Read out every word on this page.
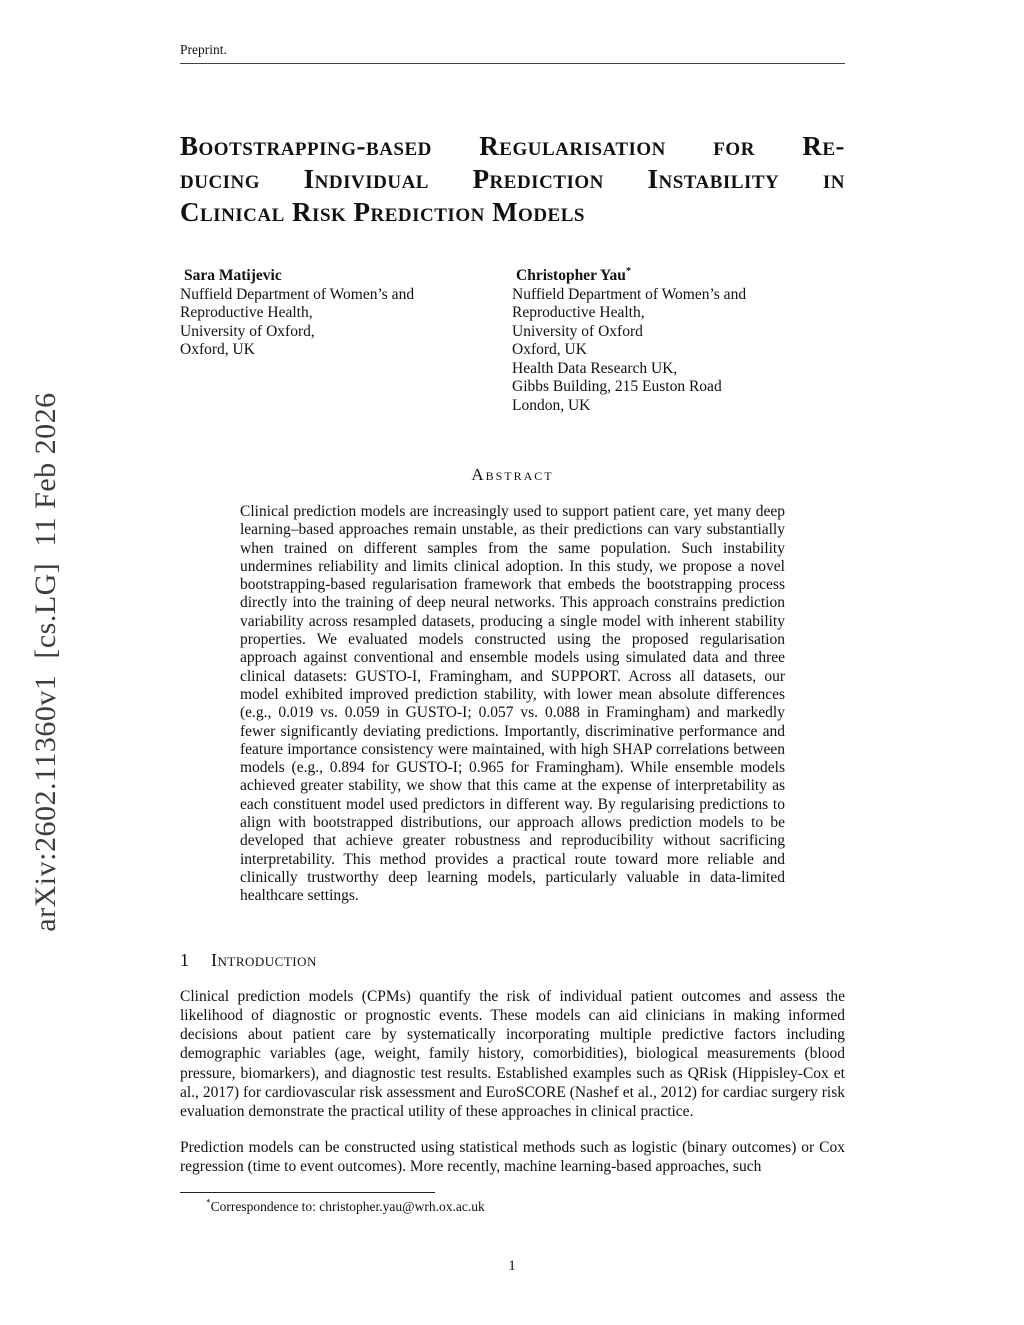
arXiv:2602.11360v1  [cs.LG]  11 Feb 2026
Preprint.
Bootstrapping-based Regularisation for Re-
ducing Individual Prediction Instability in
Clinical Risk Prediction Models
Sara Matijevic
Nuffield Department of Women’s and
Reproductive Health,
University of Oxford,
Oxford, UK
Christopher Yau*
Nuffield Department of Women’s and
Reproductive Health,
University of Oxford
Oxford, UK
Health Data Research UK,
Gibbs Building, 215 Euston Road
London, UK
Abstract

Clinical prediction models are increasingly used to support patient care, yet many deep learning–based approaches remain unstable, as their predictions can vary substantially when trained on different samples from the same population. Such instability undermines reliability and limits clinical adoption. In this study, we propose a novel bootstrapping-based regularisation framework that embeds the bootstrapping process directly into the training of deep neural networks. This approach constrains prediction variability across resampled datasets, producing a single model with inherent stability properties. We evaluated models constructed using the proposed regularisation approach against conventional and ensemble models using simulated data and three clinical datasets: GUSTO-I, Framingham, and SUPPORT. Across all datasets, our model exhibited improved prediction stability, with lower mean absolute differences (e.g., 0.019 vs. 0.059 in GUSTO-I; 0.057 vs. 0.088 in Framingham) and markedly fewer significantly deviating predictions. Importantly, discriminative performance and feature importance consistency were maintained, with high SHAP correlations between models (e.g., 0.894 for GUSTO-I; 0.965 for Framingham). While ensemble models achieved greater stability, we show that this came at the expense of interpretability as each constituent model used predictors in different way. By regularising predictions to align with bootstrapped distributions, our approach allows prediction models to be developed that achieve greater robustness and reproducibility without sacrificing interpretability. This method provides a practical route toward more reliable and clinically trustworthy deep learning models, particularly valuable in data-limited healthcare settings.

1 Introduction

Clinical prediction models (CPMs) quantify the risk of individual patient outcomes and assess the likelihood of diagnostic or prognostic events. These models can aid clinicians in making informed decisions about patient care by systematically incorporating multiple predictive factors including demographic variables (age, weight, family history, comorbidities), biological measurements (blood pressure, biomarkers), and diagnostic test results. Established examples such as QRisk (Hippisley-Cox et al., 2017) for cardiovascular risk assessment and EuroSCORE (Nashef et al., 2012) for cardiac surgery risk evaluation demonstrate the practical utility of these approaches in clinical practice.

Prediction models can be constructed using statistical methods such as logistic (binary outcomes) or Cox regression (time to event outcomes). More recently, machine learning-based approaches, such

*Correspondence to: christopher.yau@wrh.ox.ac.uk
1
